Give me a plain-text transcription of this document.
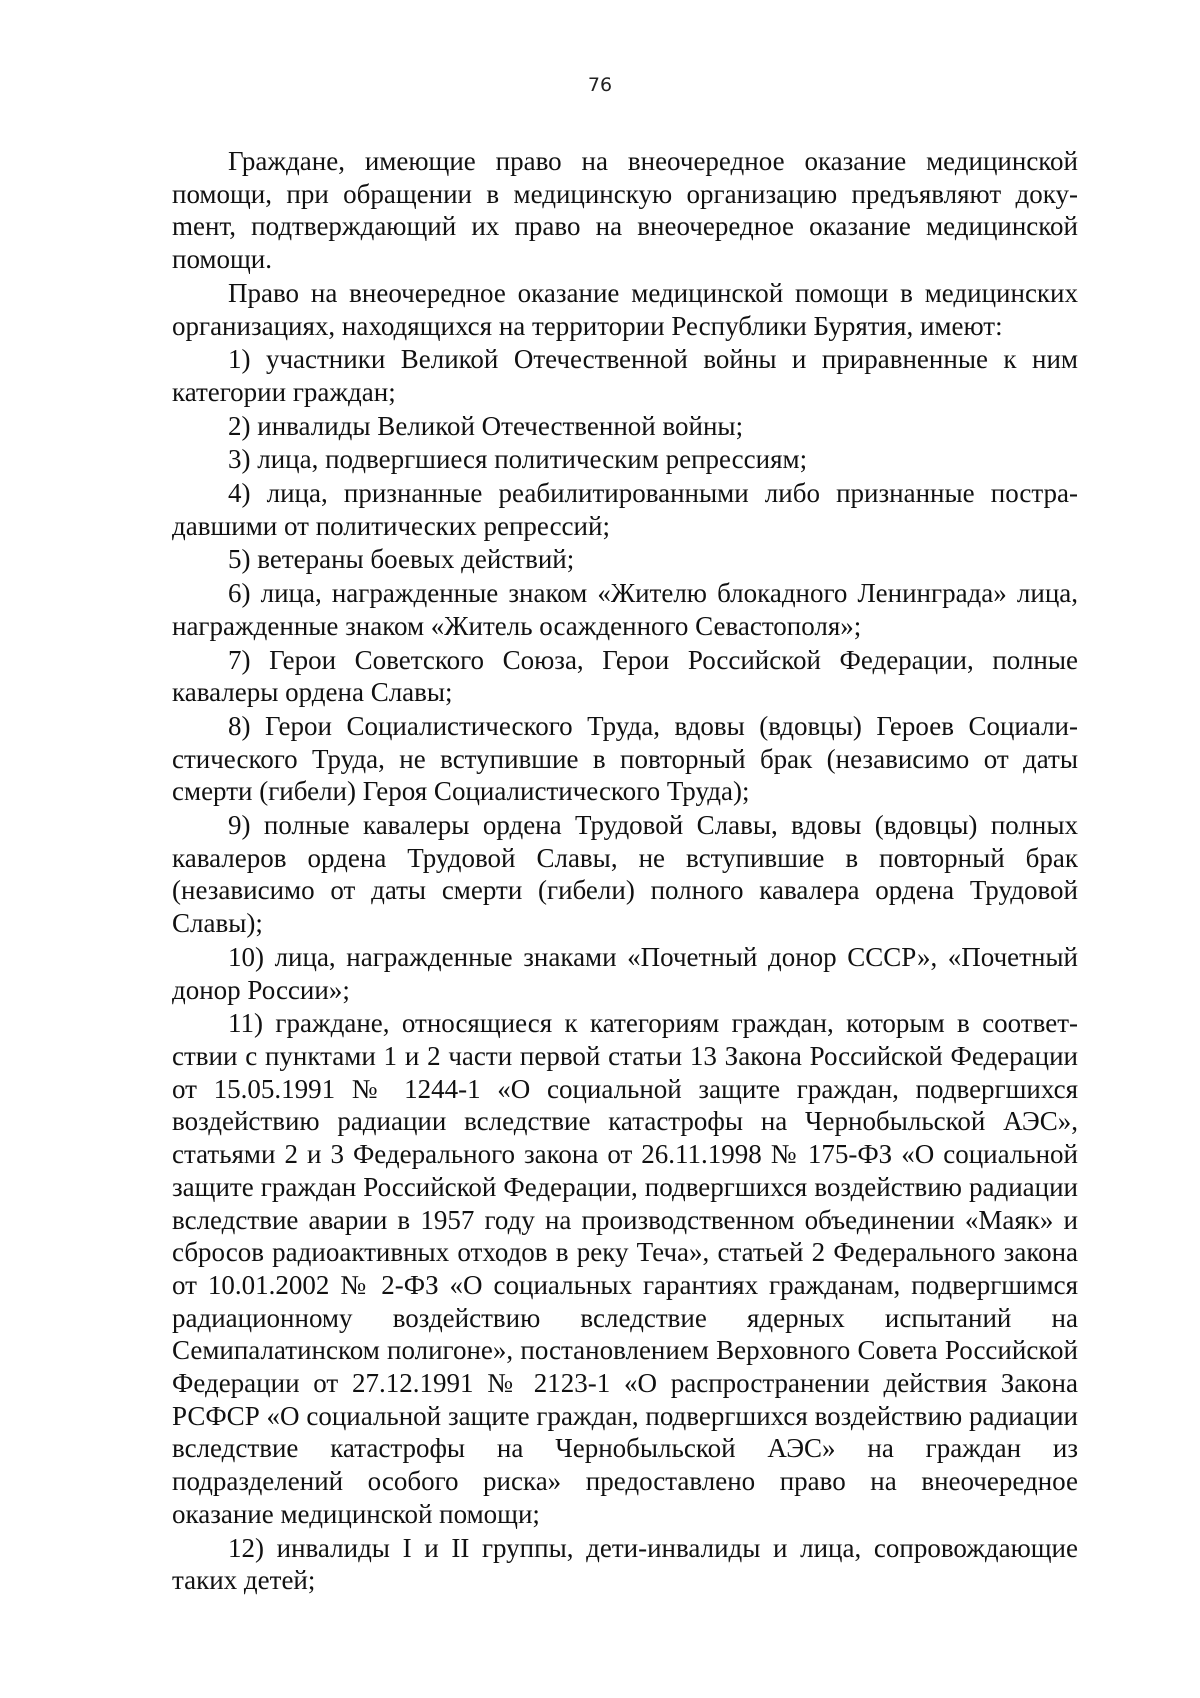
76

Граждане, имеющие право на внеочередное оказание медицинской помощи, при обращении в медицинскую организацию предъявляют докуmент, подтверждающий их право на внеочередное оказание медицинской помощи.

Право на внеочередное оказание медицинской помощи в медицинских организациях, находящихся на территории Республики Бурятия, имеют:

1) участники Великой Отечественной войны и приравненные к ним категории граждан;

2) инвалиды Великой Отечественной войны;

3) лица, подвергшиеся политическим репрессиям;

4) лица, признанные реабилитированными либо признанные пострадавшими от политических репрессий;

5) ветераны боевых действий;

6) лица, награжденные знаком «Жителю блокадного Ленинграда» лица, награжденные знаком «Житель осажденного Севастополя»;

7) Герои Советского Союза, Герои Российской Федерации, полные кавалеры ордена Славы;

8) Герои Социалистического Труда, вдовы (вдовцы) Героев Социалистического Труда, не вступившие в повторный брак (независимо от даты смерти (гибели) Героя Социалистического Труда);

9) полные кавалеры ордена Трудовой Славы, вдовы (вдовцы) полных кавалеров ордена Трудовой Славы, не вступившие в повторный брак (независимо от даты смерти (гибели) полного кавалера ордена Трудовой Славы);

10) лица, награжденные знаками «Почетный донор СССР», «Почетный донор России»;

11) граждане, относящиеся к категориям граждан, которым в соответствии с пунктами 1 и 2 части первой статьи 13 Закона Российской Федерации от 15.05.1991 № 1244-1 «О социальной защите граждан, подвергшихся воздействию радиации вследствие катастрофы на Чернобыльской АЭС», статьями 2 и 3 Федерального закона от 26.11.1998 № 175-ФЗ «О социальной защите граждан Российской Федерации, подвергшихся воздействию радиации вследствие аварии в 1957 году на производственном объединении «Маяк» и сбросов радиоактивных отходов в реку Теча», статьей 2 Федерального закона от 10.01.2002 № 2-ФЗ «О социальных гарантиях гражданам, подвергшимся радиационному воздействию вследствие ядерных испытаний на Семипалатинском полигоне», постановлением Верховного Совета Российской Федерации от 27.12.1991 № 2123-1 «О распространении действия Закона РСФСР «О социальной защите граждан, подвергшихся воздействию радиации вследствие катастрофы на Чернобыльской АЭС» на граждан из подразделений особого риска» предоставлено право на внеочередное оказание медицинской помощи;

12) инвалиды I и II группы, дети-инвалиды и лица, сопровождающие таких детей;
